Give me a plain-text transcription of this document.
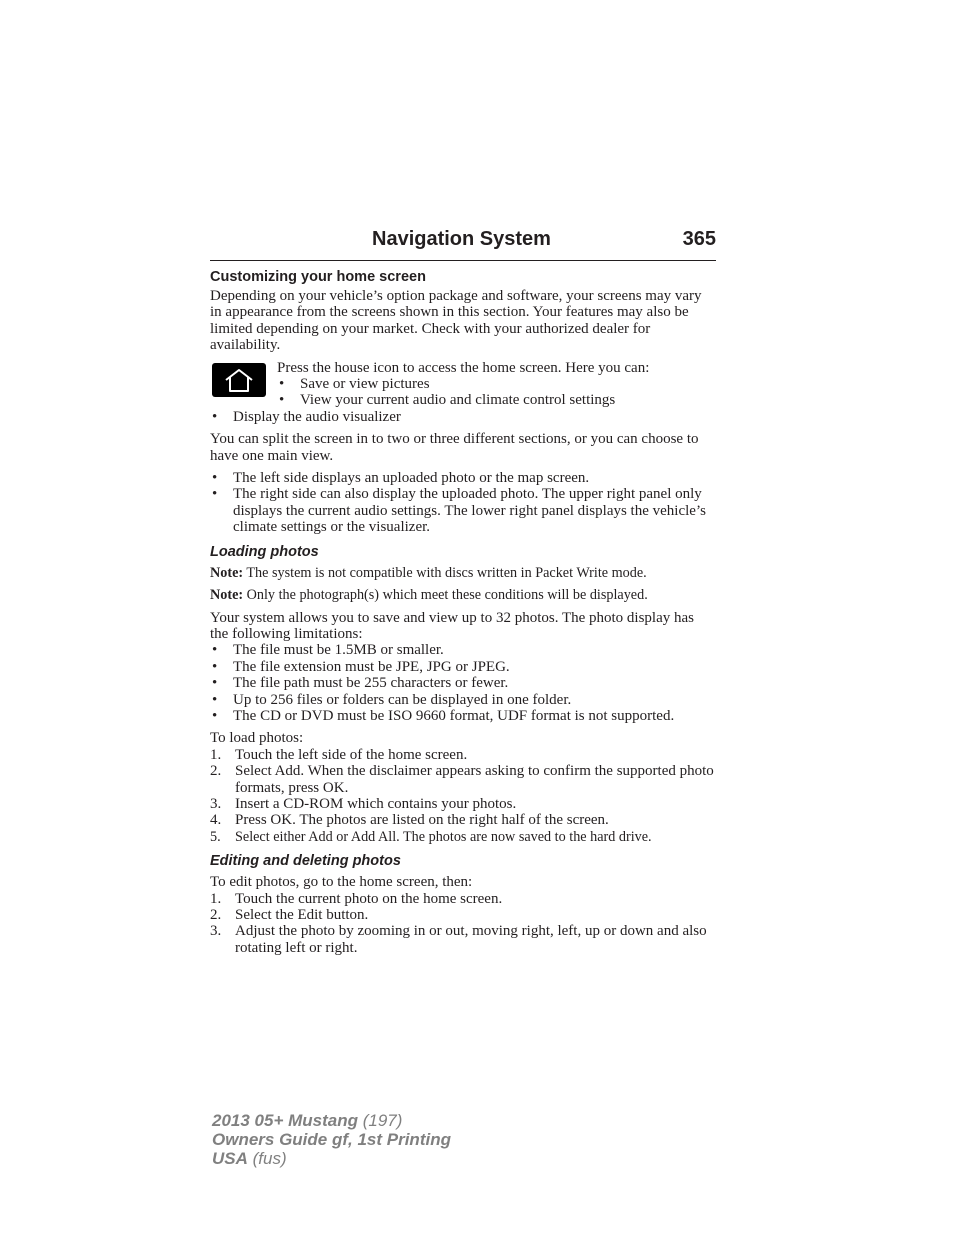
Navigation System	365
Customizing your home screen

Depending on your vehicle’s option package and software, your screens may vary in appearance from the screens shown in this section. Your features may also be limited depending on your market. Check with your authorized dealer for availability.

Press the house icon to access the home screen. Here you can:

• Save or view pictures
• View your current audio and climate control settings
• Display the audio visualizer

You can split the screen in to two or three different sections, or you can choose to have one main view.

• The left side displays an uploaded photo or the map screen.
• The right side can also display the uploaded photo. The upper right panel only displays the current audio settings. The lower right panel displays the vehicle’s climate settings or the visualizer.
Loading photos

Note: The system is not compatible with discs written in Packet Write mode.

Note: Only the photograph(s) which meet these conditions will be displayed.

Your system allows you to save and view up to 32 photos. The photo display has the following limitations:

• The file must be 1.5MB or smaller.
• The file extension must be JPE, JPG or JPEG.
• The file path must be 255 characters or fewer.
• Up to 256 files or folders can be displayed in one folder.
• The CD or DVD must be ISO 9660 format, UDF format is not supported.

To load photos:

1. Touch the left side of the home screen.
2. Select Add. When the disclaimer appears asking to confirm the supported photo formats, press OK.
3. Insert a CD-ROM which contains your photos.
4. Press OK. The photos are listed on the right half of the screen.
5. Select either Add or Add All. The photos are now saved to the hard drive.
Editing and deleting photos

To edit photos, go to the home screen, then:

1. Touch the current photo on the home screen.
2. Select the Edit button.
3. Adjust the photo by zooming in or out, moving right, left, up or down and also rotating left or right.
2013 05+ Mustang (197)
Owners Guide gf, 1st Printing
USA (fus)
